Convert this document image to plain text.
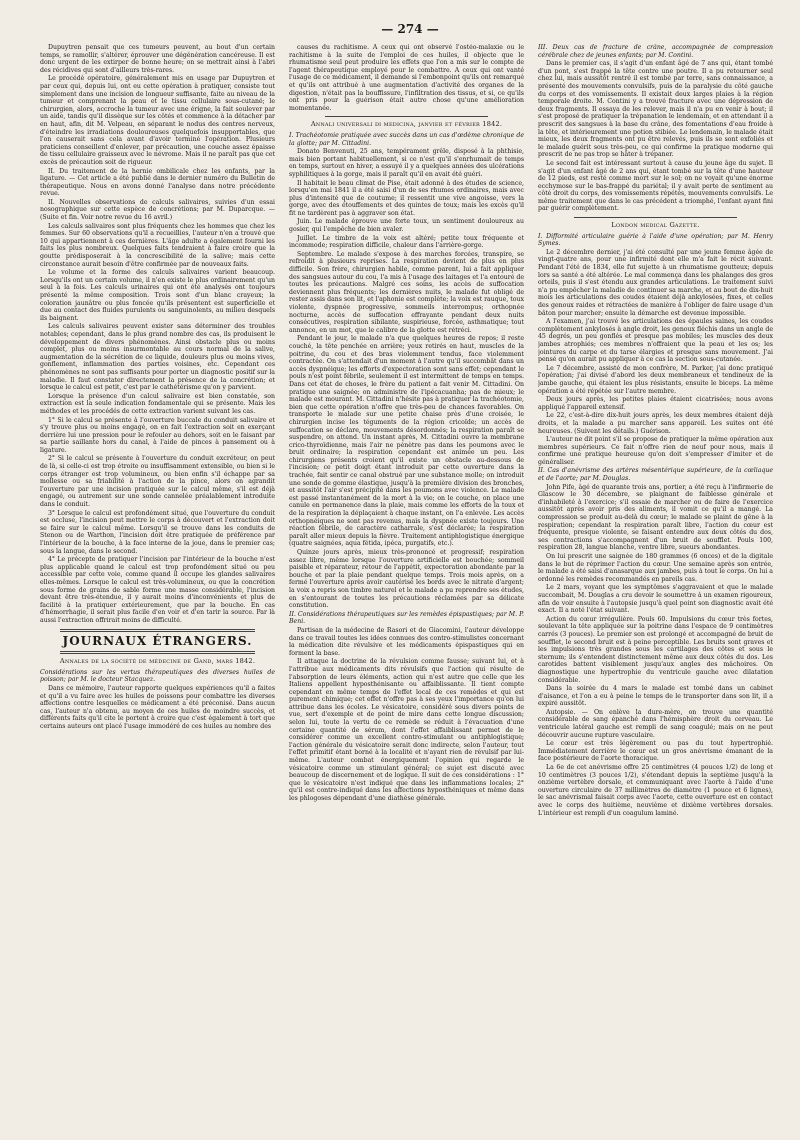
— 274 —

Dupuytren pensait que ces tumeurs peuvent, au bout d'un certain temps, se ramollir, s'altérer, éprouver une dégénération cancéreuse. Il est donc urgent de les extirper de bonne heure; on se mettrait ainsi à l'abri des récidives qui sont d'ailleurs très-rares.

Le procédé opératoire, généralement mis en usage par Dupuytren et par ceux qui, depuis lui, ont eu cette opération à pratiquer, consiste tout simplement dans une incision de longueur suffisante, faite au niveau de la tumeur et comprenant la peau et le tissu cellulaire sous-cutané; le chirurgien, alors, accroche la tumeur avec une érigne, la fait soulever par un aide, tandis qu'il dissèque sur les côtés et commence à la détacher par en haut, afin, dit M. Velpeau, en séparant le nodus des centres nerveux, d'éteindre les irradiations douloureuses quelquefois insupportables, que l'on causerait sans cela avant d'avoir terminé l'opération. Plusieurs praticiens conseillent d'enlever, par précaution, une couche assez épaisse de tissu cellulaire graisseux avec le névrome. Mais il ne paraît pas que cet excès de précaution soit de rigueur.

II. Du traitement de la hernie ombilicale chez les enfants, par la ligature. — Cet article a été publié dans le dernier numéro du Bulletin de thérapeutique. Nous en avons donné l'analyse dans notre précédente revue.

II. Nouvelles observations de calculs salivaires, suivies d'un essai nosographique sur cette espèce de concrétions; par M. Duparcque. — (Suite et fin. Voir notre revue du 16 avril.)

Les calculs salivaires sont plus fréquents chez les hommes que chez les femmes. Sur 60 observations qu'il a recueillies, l'auteur n'en a trouvé que 10 qui appartiennent à ces dernières. L'âge adulte a également fourni les faits les plus nombreux. Quelques faits tendraient à faire croire que la goutte prédisposerait à la concrescibilité de la salive; mais cette circonstance aurait besoin d'être confirmée par de nouveaux faits.

Le volume et la forme des calculs salivaires varient beaucoup. Lorsqu'ils ont un certain volume, il n'en existe le plus ordinairement qu'un seul à la fois. Les calculs urinaires qui ont été analysés ont toujours présenté la même composition. Trois sont d'un blanc crayeux; la coloration jaunâtre ou plus foncée qu'ils présentent est superficielle et due au contact des fluides purulents ou sanguinolents, au milieu desquels ils baignent.

Les calculs salivaires peuvent exister sans déterminer des troubles notables; cependant, dans le plus grand nombre des cas, ils produisent le développement de divers phénomènes. Ainsi obstacle plus ou moins complet, plus ou moins insurmontable au cours normal de la salive, augmentation de la sécrétion de ce liquide, douleurs plus ou moins vives, gonflement, inflammation des parties voisines, etc. Cependant ces phénomènes ne sont pas suffisants pour porter un diagnostic positif sur la maladie. Il faut constater directement la présence de la concrétion; et lorsque le calcul est petit, c'est par le cathétérisme qu'on y parvient.

Lorsque la présence d'un calcul salivaire est bien constatée, son extraction est la seule indication fondamentale qui se présente. Mais les méthodes et les procédés de cette extraction varient suivant les cas.

1° Si le calcul se présente à l'ouverture buccale du conduit salivaire et s'y trouve plus ou moins engagé, on en fait l'extraction soit en exerçant derrière lui une pression pour le refouler au dehors, soit en le faisant par sa partie saillante hors du canal, à l'aide de pinces à pansement ou à ligature.

2° Si le calcul se présente à l'ouverture du conduit excréteur, on peut de là, si celle-ci est trop étroite ou insuffisamment extensible, ou bien si le corps étranger est trop volumineux, ou bien enfin s'il échappe par sa mollesse ou sa friabilité à l'action de la pince, alors on agrandit l'ouverture par une incision pratiquée sur le calcul même, s'il est déjà engagé, ou autrement sur une sonde cannelée préalablement introduite dans le conduit.

3° Lorsque le calcul est profondément situé, que l'ouverture du conduit est occluse, l'incision peut mettre le corps à découvert et l'extraction doit se faire sur le calcul même. Lorsqu'il se trouve dans les conduits de Stenon ou de Warthon, l'incision doit être pratiquée de préférence par l'intérieur de la bouche, à la face interne de la joue, dans le premier cas; sous la langue, dans le second.

4° Le précepte de pratiquer l'incision par l'intérieur de la bouche n'est plus applicable quand le calcul est trop profondément situé ou peu accessible par cette voie, comme quand il occupe les glandes salivaires elles-mêmes. Lorsque le calcul est très-volumineux, ou que la concrétion sous forme de grains de sable forme une masse considérable, l'incision devant être très-étendue, il y aurait moins d'inconvénients et plus de facilité à la pratiquer extérieurement, que par la bouche. En cas d'hémorrhagie, il serait plus facile d'en voir et d'en tarir la source. Par là aussi l'extraction offrirait moins de difficulté.

JOURNAUX ÉTRANGERS.
Annales de la société de médecine de Gand, mars 1842.

Considérations sur les vertus thérapeutiques des diverses huiles de poisson; par M. le docteur Stacquez.

Dans ce mémoire, l'auteur rapporte quelques expériences qu'il a faites et qu'il a vu faire avec les huiles de poissons pour combattre les diverses affections contre lesquelles ce médicament a été préconisé. Dans aucun cas, l'auteur n'a obtenu, au moyen de ces huiles de moindre succès, et différents faits qu'il cite le portent à croire que c'est également à tort que certains auteurs ont placé l'usage immodéré de ces huiles au nombre des

causes du rachitisme. A ceux qui ont observé l'ostéo-malaxie ou le rachitisme à la suite de l'emploi de ces huiles, il objecte que le rhumatisme seul peut produire les effets que l'on a mis sur le compte de l'agent thérapeutique employé pour le combattre. A ceux qui ont vanté l'usage de ce médicament, il demande si l'embonpoint qu'ils ont remarqué et qu'ils ont attribué à une augmentation d'activité des organes de la digestion, n'était pas la bouffissure, l'infiltration des tissus, et si, ce qu'ils ont pris pour la guérison était autre chose qu'une amélioration momentanée.

Annali universali di medicina, janvier et février 1842.

I. Trachéotomie pratiquée avec succès dans un cas d'œdème chronique de la glotte; par M. Cittadini.

Donato Benvenuti, 25 ans, tempérament grêle, disposé à la phthisie, mais bien portant habituellement, si ce n'est qu'il s'enrhumait de temps en temps, surtout en hiver, a essuyé il y a quelques années des ulcérations syphilitiques à la gorge, mais il paraît qu'il en avait été guéri.

Il habitait le beau climat de Pise, était adonné à des études de science, lorsqu'en mai 1841 il a été saisi d'un de ses rhumes ordinaires, mais avec plus d'intensité que de coutume; il ressentit une vive angoisse, vers la gorge, avec des étouffements et des quintes de toux; mais les excès qu'il fit ne tardèrent pas à aggraver son état.

Juin. Le malade éprouve une forte toux, un sentiment douloureux au gosier, qui l'empêche de bien avaler.

Juillet. Le timbre de la voix est altéré; petite toux fréquente et incommode; respiration difficile, chaleur dans l'arrière-gorge.

Septembre. Le malade s'expose à des marches forcées, transpire, se refroidit à plusieurs reprises. La respiration devient de plus en plus difficile. Son frère, chirurgien habile, comme parent, lui a fait appliquer des sangsues autour du cou, l'a mis à l'usage des laitages et l'a entouré de toutes les précautions. Malgré ces soins, les accès de suffocation deviennent plus fréquents; les dernières nuits, le malade fut obligé de rester assis dans son lit, et l'aphonie est complète; la voix est rauque, toux violente, dyspnée progressive, sommeils interrompus; orthopnée nocturne, accès de suffocation effrayante pendant deux nuits consécutives, respiration sibilante, suspirieuse, forcée, asthmatique; tout annonce, en un mot, que le calibre de la glotte est rétréci.

Pendant le jour, le malade n'a que quelques heures de repos; il reste couché, la tête penchée en arrière; yeux retirés en haut, muscles de la poitrine, du cou et des bras violemment tendus, face violemment contractée. On s'attendait d'un moment à l'autre qu'il succombât dans un accès dyspnéique; les efforts d'expectoration sont sans effet; cependant le pouls n'est point fébrile, seulement il est intermittent de temps en temps. Dans cet état de choses, le frère du patient a fait venir M. Cittadini. On pratique une saignée; on administre de l'ipécacuanha; pas de mieux; le malade est mourant. M. Cittadini n'hésite pas à pratiquer la trachéotomie, bien que cette opération n'offre que très-peu de chances favorables. On transporte le malade sur une petite chaise près d'une croisée, le chirurgien incise les téguments de la région cricoïde; un accès de suffocation se déclare, mouvements désordonnés; la respiration paraît se suspendre, on attend. Un instant après, M. Cittadini ouvre la membrane crico-thyroïdienne, mais l'air ne pénètre pas dans les poumons avec le bruit ordinaire; la respiration cependant est animée un peu. Les chirurgiens présents croient qu'il existe un obstacle au-dessous de l'incision; ce petit doigt étant introduit par cette ouverture dans la trachée, fait sentir ce canal obstrué par une substance molle; on introduit une sonde de gomme élastique, jusqu'à la première division des bronches, et aussitôt l'air s'est précipité dans les poumons avec violence. Le malade est passé instantanément de la mort à la vie; on le couche, on place une canule en permanence dans la plaie, mais comme les efforts de la toux et de la respiration la déplaçaient à chaque instant, on l'a enlevée. Les accès orthopnéiques ne sont pas revenus, mais la dyspnée existe toujours. Une réaction fébrile, de caractère catharrale, s'est déclarée; la respiration paraît aller mieux depuis la fièvre. Traitement antiphlogistique énergique (quatre saignées, aqua fétida, ipéca, purgatifs, etc.).

Quinze jours après, mieux très-prononcé et progressif; respiration assez libre, même lorsque l'ouverture artificielle est bouchée; sommeil paisible et réparateur, retour de l'appétit, expectoration abondante par la bouche et par la plaie pendant quelque temps. Trois mois après, on a fermé l'ouverture après avoir cautérisé les bords avec le nitrate d'argent; la voix a repris son timbre naturel et le malade a pu reprendre ses études, en s'entourant de toutes les précautions réclamées par sa délicate constitution.

II. Considérations thérapeutiques sur les remèdes épispastiques; par M. P. Beni.

Partisan de la médecine de Rasori et de Giacomini, l'auteur développe dans ce travail toutes les idées connues des contro-stimulistes concernant la médication dite révulsive et les médicaments épispastiques qui en forment la base.

Il attaque la doctrine de la révulsion comme fausse; suivant lui, et à l'attribue aux médicaments dits révulsifs que l'action qui résulte de l'absorption de leurs éléments, action qui n'est autre que celle que les Italiens appellent hyposthénisante ou affaiblissante. Il tient compte cependant en même temps de l'effet local de ces remèdes et qui est purement chimique; cet effet n'offre pas à ses yeux l'importance qu'on lui attribue dans les écoles. Le vésicatoire, considéré sous divers points de vue, sert d'exemple et de point de mire dans cette longue discussion; selon lui, toute la vertu de ce remède se réduit à l'évacuation d'une certaine quantité de sérum, dont l'effet affaiblissant permet de le considérer comme un excellent contro-stimulant ou antiphlogistique; l'action générale du vésicatoire serait donc indirecte, selon l'auteur, tout l'effet primitif étant borné à la localité et n'ayant rien de révulsif par lui-même. L'auteur combat énergiquement l'opinion qui regarde le vésicatoire comme un stimulant général; ce sujet est discuté avec beaucoup de discernement et de logique. Il suit de ces considérations : 1° que le vésicatoire n'est indiqué que dans les inflammations locales; 2° qu'il est contre-indiqué dans les affections hyposthéniques et même dans les phlogoses dépendant d'une diathèse générale.

III. Deux cas de fracture de crâne, accompagnée de compression cérébrale chez de jeunes enfants; par M. Contini.

Dans le premier cas, il s'agit d'un enfant âgé de 7 ans qui, étant tombé d'un pont, s'est frappé la tête contre une poutre. Il a pu retourner seul chez lui, mais aussitôt rentré il est tombé par terre, sans connaissance, a présenté des mouvements convulsifs, puis de la paralysie du côté gauche du corps et des vomissements. Il existait deux larges plaies à la région temporale droite. M. Contini y a trouvé fracture avec une dépression de deux fragments. Il essaya de les relever, mais il n'a pu en venir à bout; il s'est proposé de pratiquer la trépanation le lendemain, et en attendant il a prescrit des sangsues à la base du crâne, des fomentations d'eau froide à la tête, et intérieurement une potion stibiée. Le lendemain, le malade était mieux, les deux fragments ont pu être relevés, puis ils se sont exfoliés et le malade guérit sous très-peu, ce qui confirme la pratique moderne qui prescrit de ne pas trop se hâter à trépaner.

Le second fait est intéressant surtout à cause du jeune âge du sujet. Il s'agit d'un enfant âgé de 2 ans qui, étant tombé sur la tête d'une hauteur de 12 pieds, est resté comme mort sur le sol; on ne voyait qu'une énorme ecchymose sur le bas-frappé du pariétal; il y avait perte de sentiment au côté droit du corps, des vomissements répétés, mouvements convulsifs. Le même traitement que dans le cas précédent a triomphé, l'enfant ayant fini par guérir complètement.

London medical Gazette.

I. Difformité articulaire guérie à l'aide d'une opération; par M. Henry Symes.

Le 2 décembre dernier, j'ai été consulté par une jeune femme âgée de vingt-quatre ans, pour une infirmité dont elle m'a fait le récit suivant. Pendant l'été de 1834, elle fut sujette à un rhumatisme goutteux; depuis lors sa santé a été altérée. Le mal commença dans les phalanges des gros orteils, puis il s'est étendu aux grandes articulations. Le traitement suivi n'a pu empêcher la maladie de continuer sa marche, et au bout de dix-huit mois les articulations des coudes étaient déjà ankylosées, fixes, et celles des genoux raides et rétractées de manière à l'obliger de faire usage d'un bâton pour marcher; ensuite la démarche est devenue impossible.

A l'examen, j'ai trouvé les articulations des épaules saines, les coudes complètement ankylosés à angle droit, les genoux fléchis dans un angle de 45 degrés, un peu gonflés et presque pas mobiles; les muscles des deux jambes atrophiés; ces membres n'offraient que la peau et les os; les jointures du carpe et du tarse élargies et presque sans mouvement. J'ai pensé qu'on aurait pu appliquer à ce cas la section sous-cutanée.

Le 7 décembre, assisté de mon confrère, M. Parker, j'ai donc pratiqué l'opération; j'ai divisé d'abord les deux membraneux et tendineux de la jambe gauche, qui étaient les plus résistants, ensuite le biceps. La même opération a été répétée sur l'autre membre.

Deux jours après, les petites plaies étaient cicatrisées; nous avons appliqué l'appareil extensif.

Le 22, c'est-à-dire dix-huit jours après, les deux membres étaient déjà droits, et la malade a pu marcher sans appareil. Les suites ont été heureuses. (Suivent les détails.) Guérison.

L'auteur ne dit point s'il se propose de pratiquer la même opération aux membres supérieurs. Ce fait n'offre rien de neuf pour nous, mais il confirme une pratique heureuse qu'on doit s'empresser d'imiter et de généraliser.

II. Cas d'anévrisme des artères mésentérique supérieure, de la cœliaque et de l'aorte; par M. Douglas.

John Pife, âgé de quarante trois ans, portier, a été reçu à l'infirmerie de Glascow le 30 décembre, se plaignant de faiblesse générale et d'inhabileté à l'exercice; s'il essaie de marcher ou de faire de l'exercice aussitôt après avoir pris des aliments, il vomit ce qu'il a mangé. La compression se produit au-delà du cœur; le malade se plaint de gêne à la respiration; cependant la respiration paraît libre, l'action du cœur est fréquente, presque violente, se faisant entendre aux deux côtés du dos, ses contractions s'accompagnent d'un bruit de soufflet. Pouls 100, respiration 28, langue blanche, ventre libre, sueurs abondantes.

On lui prescrit une saignée de 180 grammes (6 onces) et de la digitale dans le but de réprimer l'action du cœur. Une semaine après son entrée, le malade a été saisi d'anasarque aux jambes, puis à tout le corps. On lui a ordonné les remèdes recommandés en pareils cas.

Le 2 mars, voyant que les symptômes s'aggravaient et que le malade succombait, M. Douglas a cru devoir le soumettre à un examen rigoureux, afin de voir ensuite à l'autopsie jusqu'à quel point son diagnostic avait été exact. Il a noté l'état suivant.

Action du cœur irrégulière. Pouls 60. Impulsions du cœur très fortes, soulevant la tête appliquée sur la poitrine dans l'espace de 9 centimètres carrés (3 pouces). Le premier son est prolongé et accompagné de bruit de soufflet, le second bruit est à peine perceptible. Les bruits sont graves et les impulsions très grandes sous les cartilages des côtes et sous le sternum; ils s'entendent distinctement même aux deux côtés du dos. Les carotides battent visiblement jusqu'aux angles des mâchoires. On diagnostique une hypertrophie du ventricule gauche avec dilatation considérable.

Dans la soirée du 4 mars le malade est tombé dans un cabinet d'aisance, et l'on a eu à peine le temps de le transporter dans son lit, il a expiré aussitôt.

Autopsie. — On enlève la dure-mère, on trouve une quantité considérable de sang épanché dans l'hémisphère droit du cerveau. Le ventricule latéral gauche est rempli de sang coagulé; mais on ne peut découvrir aucune rupture vasculaire.

Le cœur est très légèrement ou pas du tout hypertrophié. Immédiatement derrière le cœur est un gros anévrisme émanant de la face postérieure de l'aorte thoracique.

La 6e de cet anévrisme offre 25 centimètres (4 pouces 1/2) de long et 10 centimètres (3 pouces 1/2), s'étendant depuis la septième jusqu'à la onzième vertèbre dorsale, et communiquant avec l'aorte à l'aide d'une ouverture circulaire de 37 millimètres de diamètre (1 pouce et 6 lignes), le sac anévrismal faisait corps avec l'aorte, cette ouverture est en contact avec le corps des huitième, neuvième et dixième vertèbres dorsales. L'intérieur est rempli d'un coagulum laminé.
